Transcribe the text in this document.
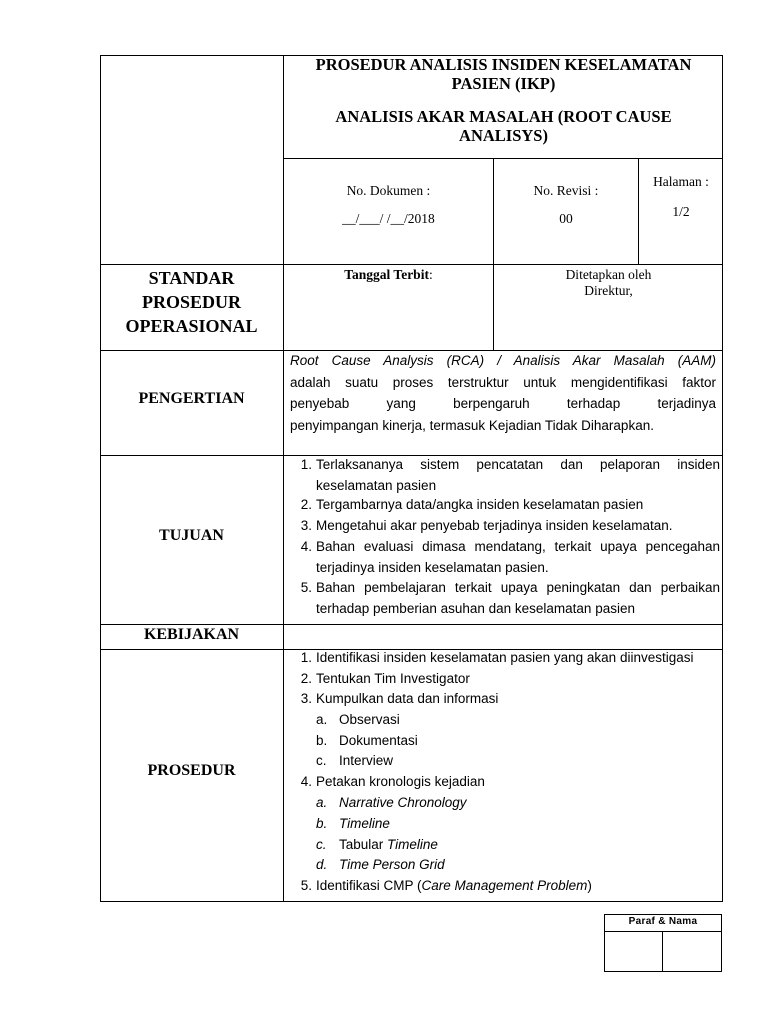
PROSEDUR ANALISIS INSIDEN KESELAMATAN
PASIEN (IKP)
ANALISIS AKAR MASALAH (ROOT CAUSE
ANALISYS)
No. Dokumen :
__/___/ /__/2018
No. Revisi :
00
Halaman :
1/2
STANDAR
PROSEDUR
OPERASIONAL
Tanggal Terbit:	Ditetapkan oleh
Direktur,
PENGERTIAN
Root Cause Analysis (RCA) / Analisis Akar Masalah (AAM)
adalah suatu proses terstruktur untuk mengidentifikasi faktor
penyebab yang berpengaruh terhadap terjadinya
penyimpangan kinerja, termasuk Kejadian Tidak Diharapkan.
TUJUAN
1. Terlaksananya sistem pencatatan dan pelaporan insiden
keselamatan pasien
2. Tergambarnya data/angka insiden keselamatan pasien
3. Mengetahui akar penyebab terjadinya insiden keselamatan.
4. Bahan evaluasi dimasa mendatang, terkait upaya pencegahan
terjadinya insiden keselamatan pasien.
5. Bahan pembelajaran terkait upaya peningkatan dan perbaikan
terhadap pemberian asuhan dan keselamatan pasien
KEBIJAKAN
PROSEDUR
1. Identifikasi insiden keselamatan pasien yang akan diinvestigasi
2. Tentukan Tim Investigator
3. Kumpulkan data dan informasi
a. Observasi
b. Dokumentasi
c. Interview
4. Petakan kronologis kejadian
a. Narrative Chronology
b. Timeline
c. Tabular Timeline
d. Time Person Grid
5. Identifikasi CMP (Care Management Problem)
Paraf & Nama
